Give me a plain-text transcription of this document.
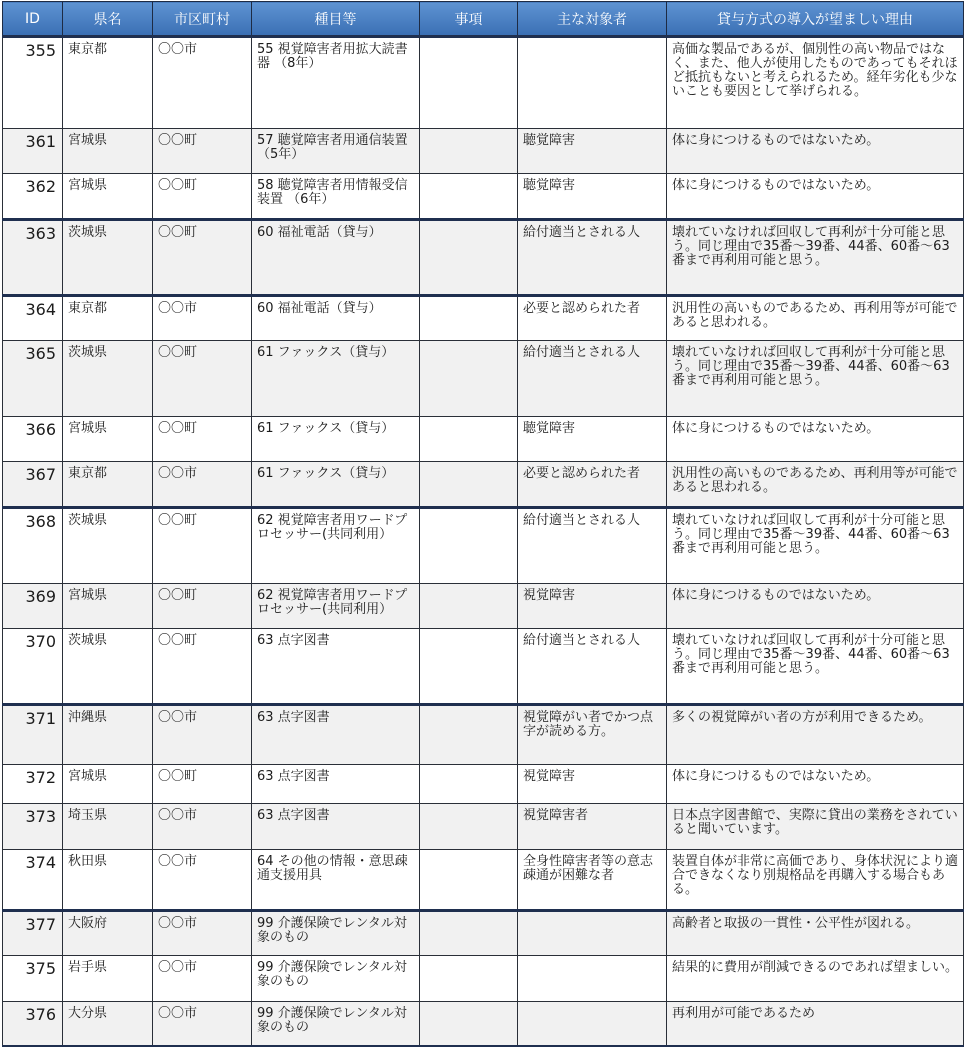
ID	県名	市区町村	種目等	事項	主な対象者	貸与方式の導入が望ましい理由
355	東京都	〇〇市	55 視覚障害者用拡大読書器 （8年）			高価な製品であるが、個別性の高い物品ではなく、また、他人が使用したものであってもそれほど抵抗もないと考えられるため。経年劣化も少ないことも要因として挙げられる。
361	宮城県	〇〇町	57 聴覚障害者用通信装置 （5年）		聴覚障害	体に身につけるものではないため。
362	宮城県	〇〇町	58 聴覚障害者用情報受信装置 （6年）		聴覚障害	体に身につけるものではないため。
363	茨城県	〇〇町	60 福祉電話（貸与）		給付適当とされる人	壊れていなければ回収して再利が十分可能と思う。同じ理由で35番～39番、44番、60番～63番まで再利用可能と思う。
364	東京都	〇〇市	60 福祉電話（貸与）		必要と認められた者	汎用性の高いものであるため、再利用等が可能であると思われる。
365	茨城県	〇〇町	61 ファックス（貸与）		給付適当とされる人	壊れていなければ回収して再利が十分可能と思う。同じ理由で35番～39番、44番、60番～63番まで再利用可能と思う。
366	宮城県	〇〇町	61 ファックス（貸与）		聴覚障害	体に身につけるものではないため。
367	東京都	〇〇市	61 ファックス（貸与）		必要と認められた者	汎用性の高いものであるため、再利用等が可能であると思われる。
368	茨城県	〇〇町	62 視覚障害者用ワードプロセッサー(共同利用）		給付適当とされる人	壊れていなければ回収して再利が十分可能と思う。同じ理由で35番～39番、44番、60番～63番まで再利用可能と思う。
369	宮城県	〇〇町	62 視覚障害者用ワードプロセッサー(共同利用）		視覚障害	体に身につけるものではないため。
370	茨城県	〇〇町	63 点字図書		給付適当とされる人	壊れていなければ回収して再利が十分可能と思う。同じ理由で35番～39番、44番、60番～63番まで再利用可能と思う。
371	沖縄県	〇〇市	63 点字図書		視覚障がい者でかつ点字が読める方。	多くの視覚障がい者の方が利用できるため。
372	宮城県	〇〇町	63 点字図書		視覚障害	体に身につけるものではないため。
373	埼玉県	〇〇市	63 点字図書		視覚障害者	日本点字図書館で、実際に貸出の業務をされていると聞いています。
374	秋田県	〇〇市	64 その他の情報・意思疎通支援用具		全身性障害者等の意志疎通が困難な者	装置自体が非常に高価であり、身体状況により適合できなくなり別規格品を再購入する場合もある。
377	大阪府	〇〇市	99 介護保険でレンタル対象のもの			高齢者と取扱の一貫性・公平性が図れる。
375	岩手県	〇〇市	99 介護保険でレンタル対象のもの			結果的に費用が削減できるのであれば望ましい。
376	大分県	〇〇市	99 介護保険でレンタル対象のもの			再利用が可能であるため
